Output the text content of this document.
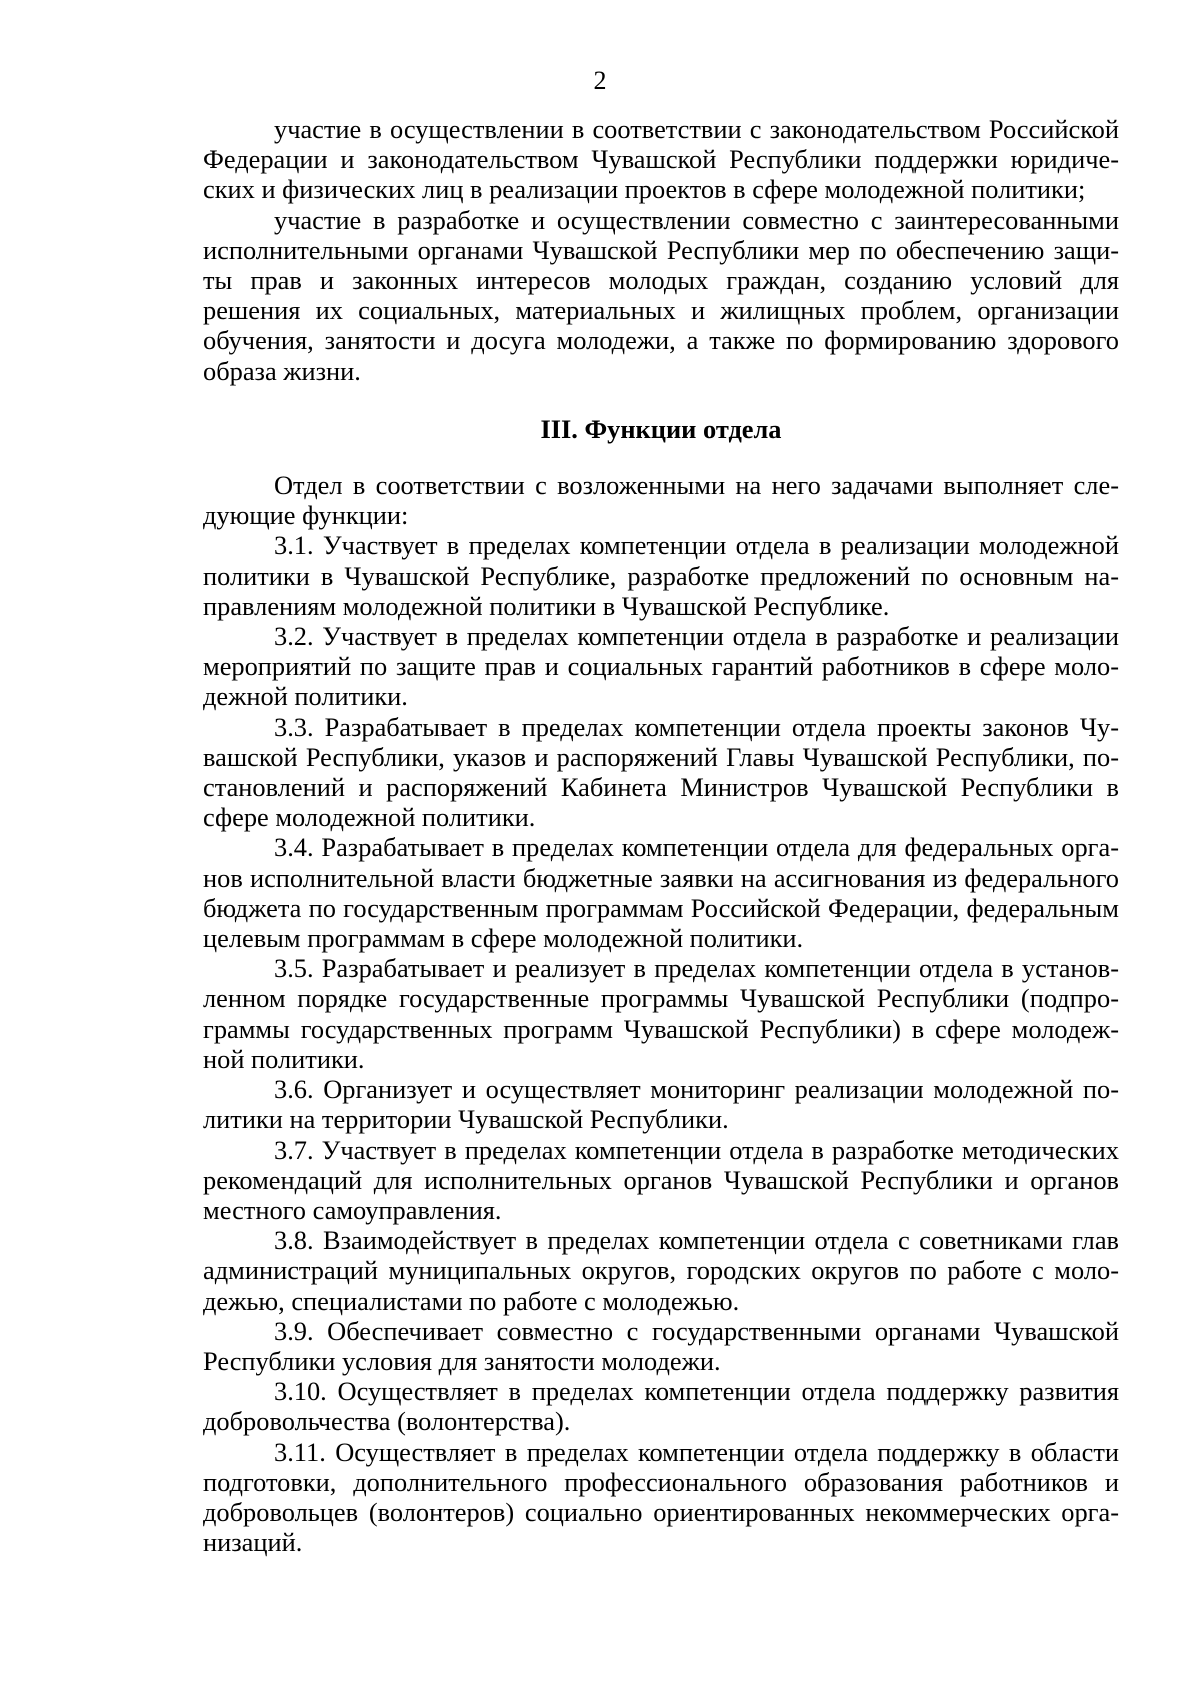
2

участие в осуществлении в соответствии с законодательством Российской Федерации и законодательством Чувашской Республики поддержки юридических и физических лиц в реализации проектов в сфере молодежной политики;

участие в разработке и осуществлении совместно с заинтересованными исполнительными органами Чувашской Республики мер по обеспечению защиты прав и законных интересов молодых граждан, созданию условий для решения их социальных, материальных и жилищных проблем, организации обучения, занятости и досуга молодежи, а также по формированию здорового образа жизни.

III. Функции отдела

Отдел в соответствии с возложенными на него задачами выполняет следующие функции:

3.1. Участвует в пределах компетенции отдела в реализации молодежной политики в Чувашской Республике, разработке предложений по основным направлениям молодежной политики в Чувашской Республике.

3.2. Участвует в пределах компетенции отдела в разработке и реализации мероприятий по защите прав и социальных гарантий работников в сфере молодежной политики.

3.3. Разрабатывает в пределах компетенции отдела проекты законов Чувашской Республики, указов и распоряжений Главы Чувашской Республики, постановлений и распоряжений Кабинета Министров Чувашской Республики в сфере молодежной политики.

3.4. Разрабатывает в пределах компетенции отдела для федеральных органов исполнительной власти бюджетные заявки на ассигнования из федерального бюджета по государственным программам Российской Федерации, федеральным целевым программам в сфере молодежной политики.

3.5. Разрабатывает и реализует в пределах компетенции отдела в установленном порядке государственные программы Чувашской Республики (подпрограммы государственных программ Чувашской Республики) в сфере молодежной политики.

3.6. Организует и осуществляет мониторинг реализации молодежной политики на территории Чувашской Республики.

3.7. Участвует в пределах компетенции отдела в разработке методических рекомендаций для исполнительных органов Чувашской Республики и органов местного самоуправления.

3.8. Взаимодействует в пределах компетенции отдела с советниками глав администраций муниципальных округов, городских округов по работе с молодежью, специалистами по работе с молодежью.

3.9. Обеспечивает совместно с государственными органами Чувашской Республики условия для занятости молодежи.

3.10. Осуществляет в пределах компетенции отдела поддержку развития добровольчества (волонтерства).

3.11. Осуществляет в пределах компетенции отдела поддержку в области подготовки, дополнительного профессионального образования работников и добровольцев (волонтеров) социально ориентированных некоммерческих организаций.
